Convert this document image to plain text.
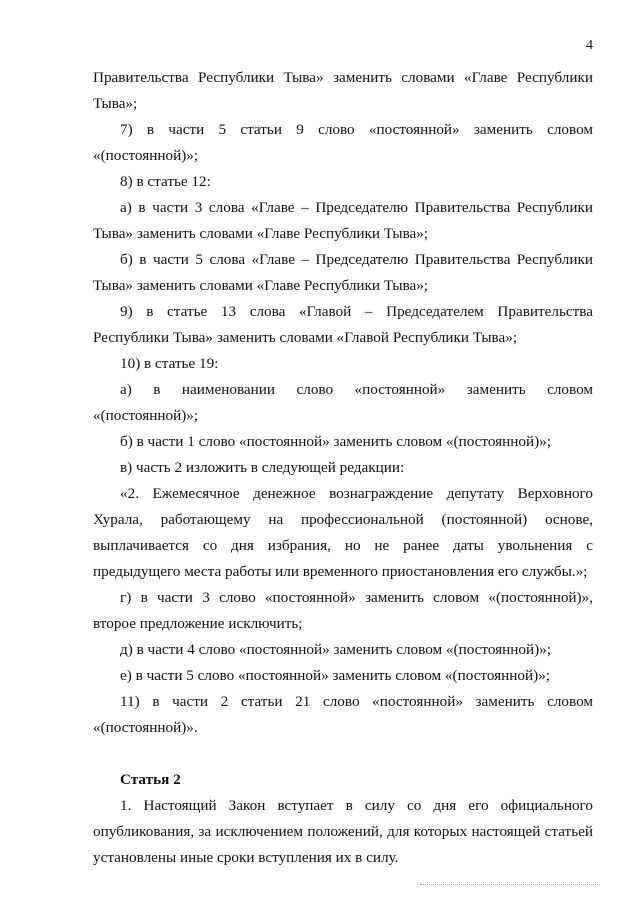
4

Правительства Республики Тыва» заменить словами «Главе Республики Тыва»;

7) в части 5 статьи 9 слово «постоянной» заменить словом «(постоянной)»;

8) в статье 12:

а) в части 3 слова «Главе – Председателю Правительства Республики Тыва» заменить словами «Главе Республики Тыва»;

б) в части 5 слова «Главе – Председателю Правительства Республики Тыва» заменить словами «Главе Республики Тыва»;

9) в статье 13 слова «Главой – Председателем Правительства Республики Тыва» заменить словами «Главой Республики Тыва»;

10) в статье 19:

а) в наименовании слово «постоянной» заменить словом «(постоянной)»;

б) в части 1 слово «постоянной» заменить словом «(постоянной)»;

в) часть 2 изложить в следующей редакции:

«2. Ежемесячное денежное вознаграждение депутату Верховного Хурала, работающему на профессиональной (постоянной) основе, выплачивается со дня избрания, но не ранее даты увольнения с предыдущего места работы или временного приостановления его службы.»;

г) в части 3 слово «постоянной» заменить словом «(постоянной)», второе предложение исключить;

д) в части 4 слово «постоянной» заменить словом «(постоянной)»;

е) в части 5 слово «постоянной» заменить словом «(постоянной)»;

11) в части 2 статьи 21 слово «постоянной» заменить словом «(постоянной)».

Статья 2

1. Настоящий Закон вступает в силу со дня его официального опубликования, за исключением положений, для которых настоящей статьей установлены иные сроки вступления их в силу.
